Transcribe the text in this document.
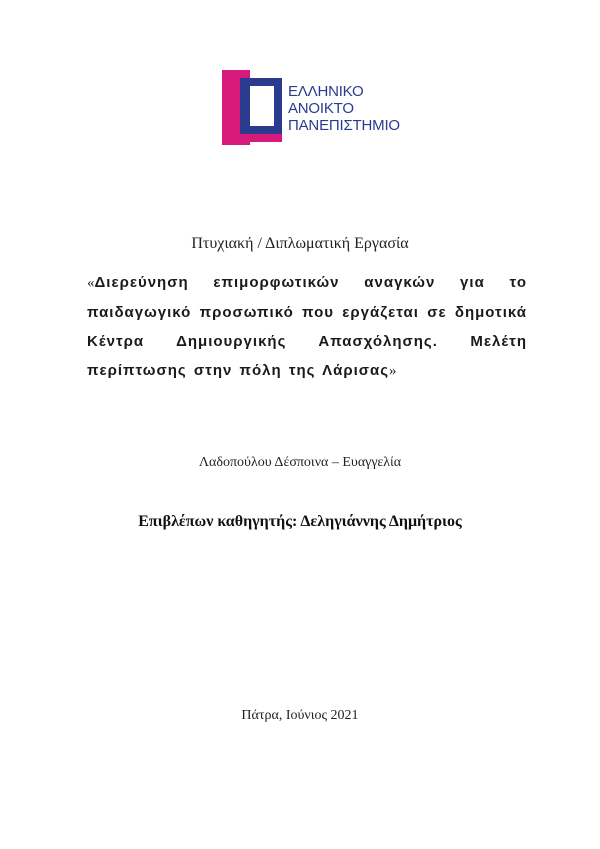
ΕΛΛΗΝΙΚΟ
ΑΝΟΙΚΤΟ
ΠΑΝΕΠΙΣΤΗΜΙΟ
Πτυχιακή / Διπλωματική Εργασία
«Διερεύνηση επιμορφωτικών αναγκών για το παιδαγωγικό προσωπικό που εργάζεται σε δημοτικά Κέντρα Δημιουργικής Απασχόλησης. Μελέτη περίπτωσης στην πόλη της Λάρισας»
Λαδοπούλου Δέσποινα – Ευαγγελία
Επιβλέπων καθηγητής: Δεληγιάννης Δημήτριος
Πάτρα, Ιούνιος 2021
